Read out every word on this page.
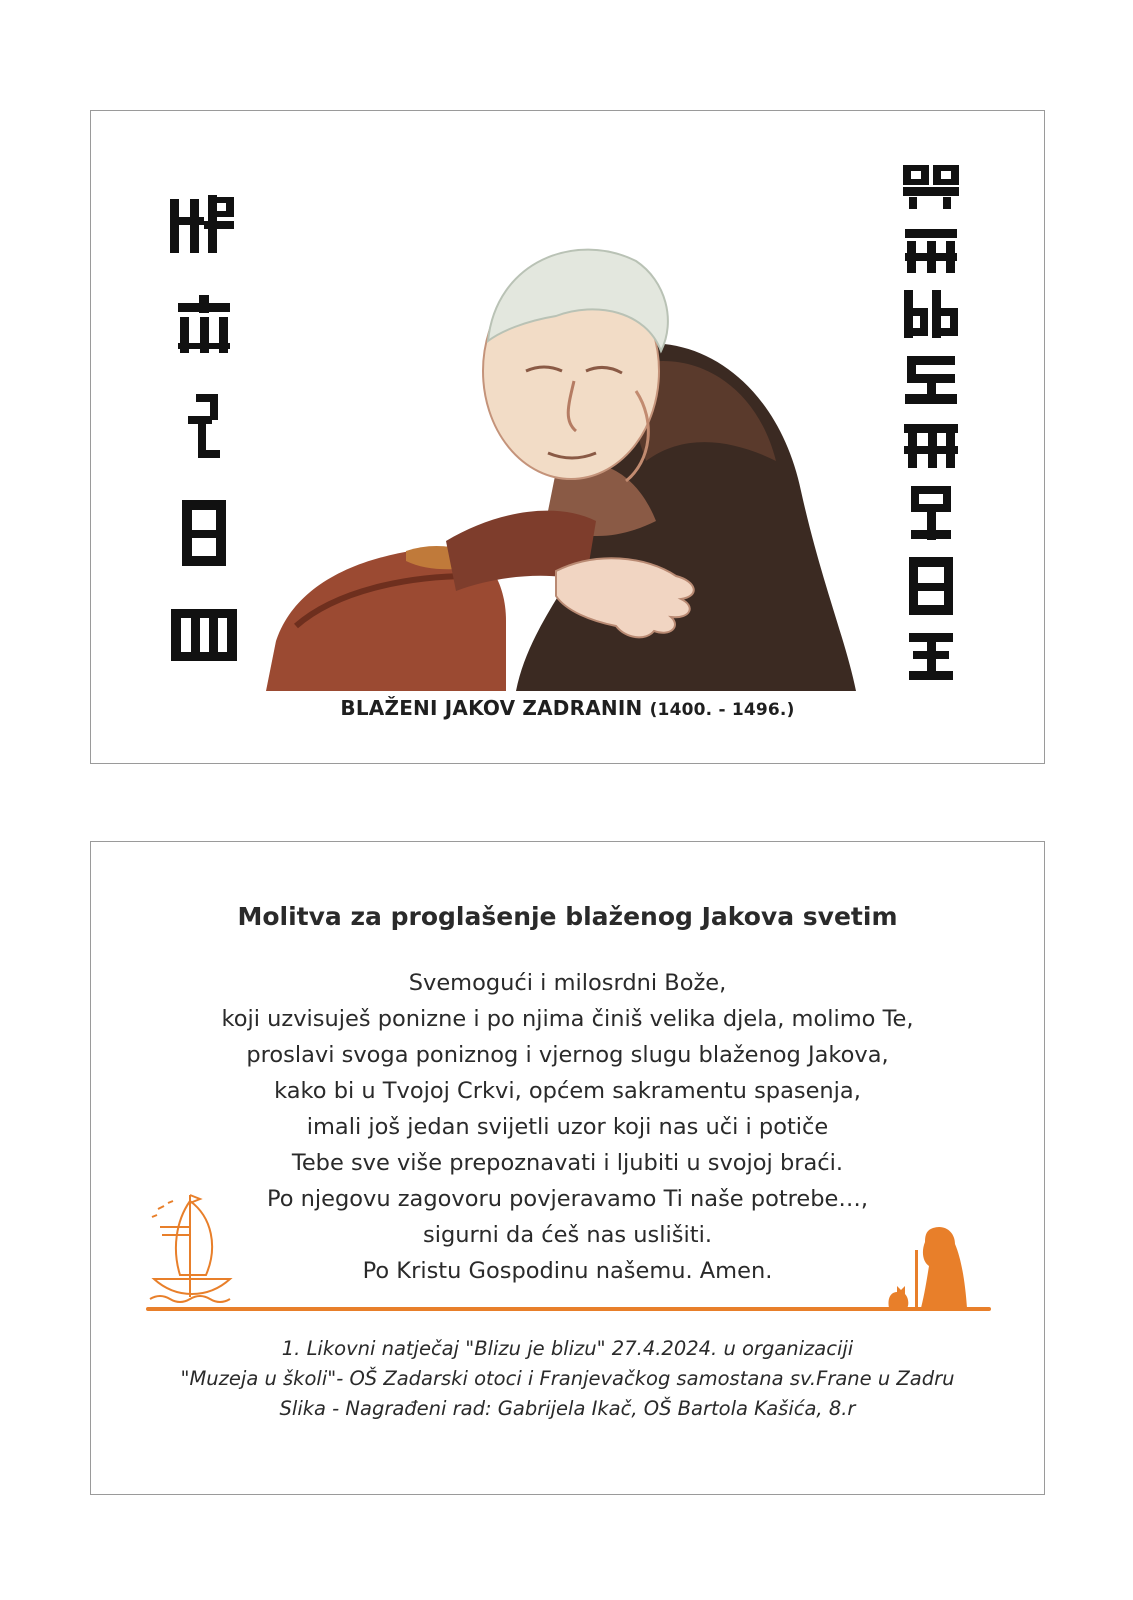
BLAŽENI JAKOV ZADRANIN (1400. - 1496.)
Molitva za proglašenje blaženog Jakova svetim
Svemogući i milosrdni Bože,
koji uzvisuješ ponizne i po njima činiš velika djela, molimo Te,
proslavi svoga poniznog i vjernog slugu blaženog Jakova,
kako bi u Tvojoj Crkvi, općem sakramentu spasenja,
imali još jedan svijetli uzor koji nas uči i potiče
Tebe sve više prepoznavati i ljubiti u svojoj braći.
Po njegovu zagovoru povjeravamo Ti naše potrebe…,
sigurni da ćeš nas uslišiti.
Po Kristu Gospodinu našemu. Amen.
1. Likovni natječaj "Blizu je blizu" 27.4.2024. u organizaciji
"Muzeja u školi"- OŠ Zadarski otoci i Franjevačkog samostana sv.Frane u Zadru
Slika - Nagrađeni rad: Gabrijela Ikač, OŠ Bartola Kašića, 8.r
